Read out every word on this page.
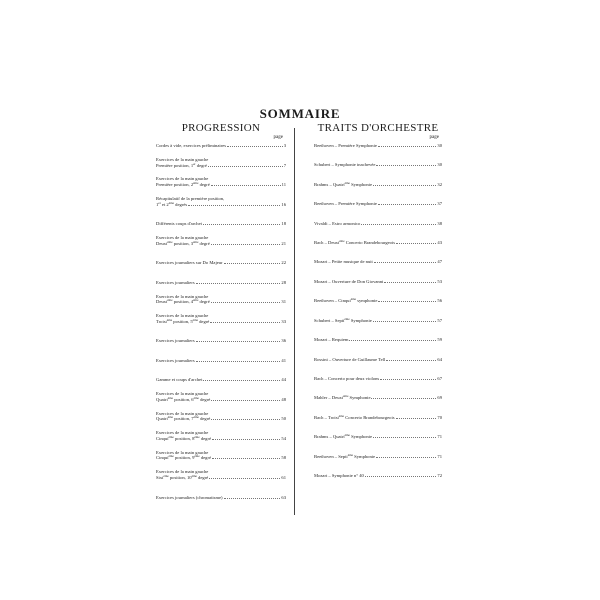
SOMMAIRE
PROGRESSION
page
Cordes à vide, exercices préliminaires	3
Exercices de la main gauche
Première position, 1er degré	7
Exercices de la main gauche
Première position, 2ème degré	11
Récapitulatif de la première position,
1er et 2ème degrés	16
Différents coups d'archet	18
Exercices de la main gauche
Deuxi$^{ème}$ position, 3ème degré	21
Exercices journaliers sur Do Majeur	22
Exercices journaliers	28
Exercices de la main gauche
Deuxi$^{ème}$ position, 4ème degré	31
Exercices de la main gauche
Troisi$^{ème}$ position, 5ème degré	33
Exercices journaliers	36
Exercices journaliers	41
Gamme et coups d'archet	44
Exercices de la main gauche
Quatri$^{ème}$ position, 6ème degré	48
Exercices de la main gauche
Quatri$^{ème}$ position, 7ème degré	50
Exercices de la main gauche
Cinqui$^{ème}$ position, 8ème degré	54
Exercices de la main gauche
Cinqui$^{ème}$ position, 9ème degré	58
Exercices de la main gauche
Sixi$^{ème}$ position, 10ème degré	61
Exercices journaliers (chromatisme)	63
TRAITS D'ORCHESTRE
page
Beethoven – Première Symphonie	30
Schubert – Symphonie inachevée	30
Brahms – Quatri$^{ème}$ Symphonie	32
Beethoven – Première Symphonie	37
Vivaldi – Estro armonico	38
Bach – Deuxi$^{ème}$ Concerto Brandebourgeois	43
Mozart – Petite musique de nuit	47
Mozart – Ouverture de Don Giovanni	53
Beethoven – Cinqui$^{ème}$ symphonie	56
Schubert – Septi$^{ème}$ Symphonie	57
Mozart – Requiem	59
Rossini – Ouverture de Guillaume Tell	64
Bach – Concerto pour deux violons	67
Mahler – Deuxi$^{ème}$ Symphonie	69
Bach – Troisi$^{ème}$ Concerto Brandebourgeois	70
Brahms – Quatri$^{ème}$ Symphonie	71
Beethoven – Septi$^{ème}$ Symphonie	71
Mozart – Symphonie n° 40	72
